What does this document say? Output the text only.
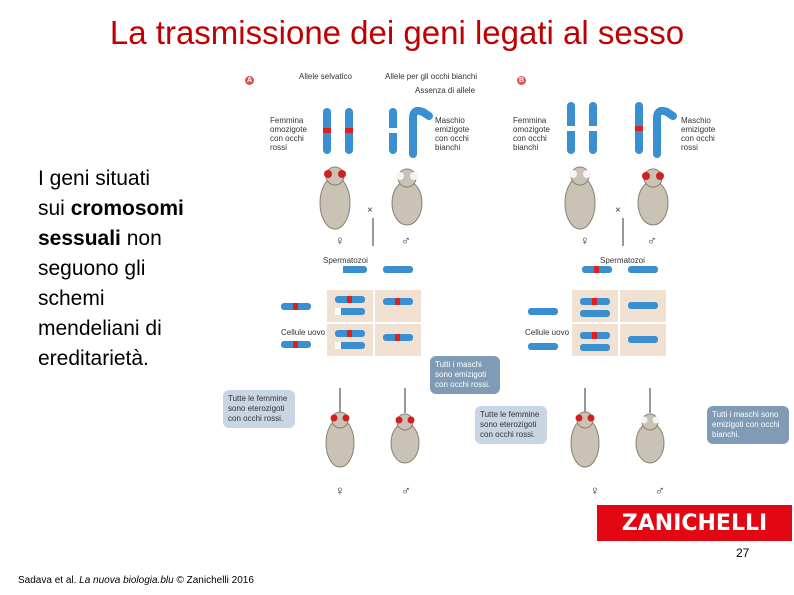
La trasmissione dei geni legati al sesso
I geni situati
sui cromosomi
sessuali non
seguono gli
schemi
mendeliani di
ereditarietà.
A	B
Allele selvatico	Allele per gli occhi bianchi
Assenza di allele
Femmina omozigote con occhi rossi
Maschio emizigote con occhi bianchi
Femmina omozigote con occhi bianchi
Maschio emizigote con occhi rossi
Spermatozoi	Spermatozoi
Cellule uovo	Cellule uovo
×	×
♀	♂	♀	♂
♀	♂	♀	♂
Tutti i maschi sono emizigoti con occhi rossi.
Tutte le femmine sono eterozigoti con occhi rossi.	Tutte le femmine sono eterozigoti con occhi rossi.
Tutti i maschi sono emizigoti con occhi bianchi.
ZANICHELLI
27
Sadava et al. La nuova biologia.blu © Zanichelli 2016
